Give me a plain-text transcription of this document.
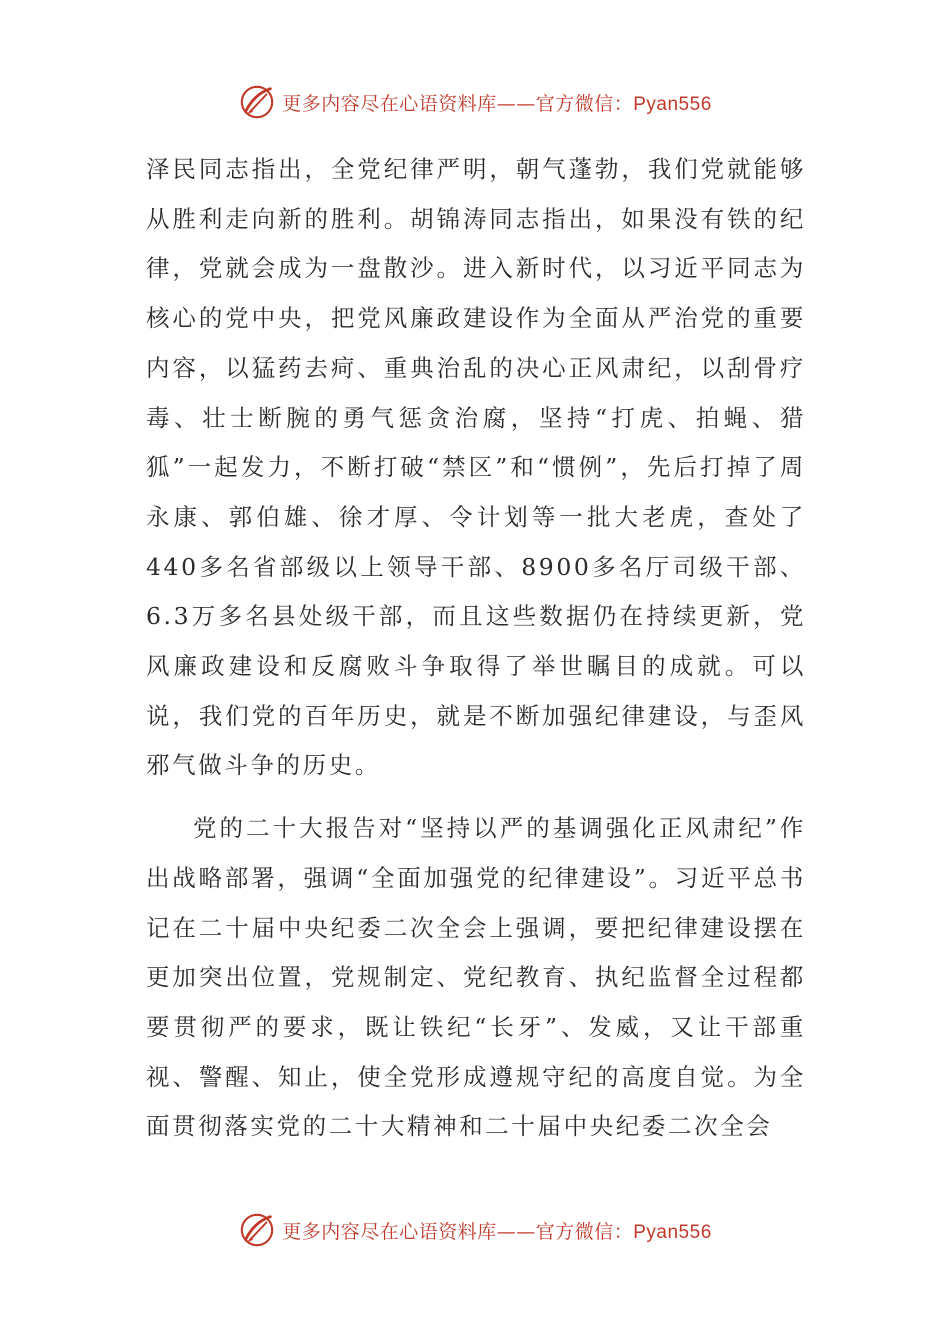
更多内容尽在心语资料库——官方微信：Pyan556

泽民同志指出，全党纪律严明，朝气蓬勃，我们党就能够从胜利走向新的胜利。胡锦涛同志指出，如果没有铁的纪律，党就会成为一盘散沙。进入新时代，以习近平同志为核心的党中央，把党风廉政建设作为全面从严治党的重要内容，以猛药去疴、重典治乱的决心正风肃纪，以刮骨疗毒、壮士断腕的勇气惩贪治腐，坚持“打虎、拍蝇、猎狐”一起发力，不断打破“禁区”和“惯例”，先后打掉了周永康、郭伯雄、徐才厚、令计划等一批大老虎，查处了440多名省部级以上领导干部、8900多名厅司级干部、6.3万多名县处级干部，而且这些数据仍在持续更新，党风廉政建设和反腐败斗争取得了举世瞩目的成就。可以说，我们党的百年历史，就是不断加强纪律建设，与歪风邪气做斗争的历史。

党的二十大报告对“坚持以严的基调强化正风肃纪”作出战略部署，强调“全面加强党的纪律建设”。习近平总书记在二十届中央纪委二次全会上强调，要把纪律建设摆在更加突出位置，党规制定、党纪教育、执纪监督全过程都要贯彻严的要求，既让铁纪“长牙”、发威，又让干部重视、警醒、知止，使全党形成遵规守纪的高度自觉。为全面贯彻落实党的二十大精神和二十届中央纪委二次全会

更多内容尽在心语资料库——官方微信：Pyan556
